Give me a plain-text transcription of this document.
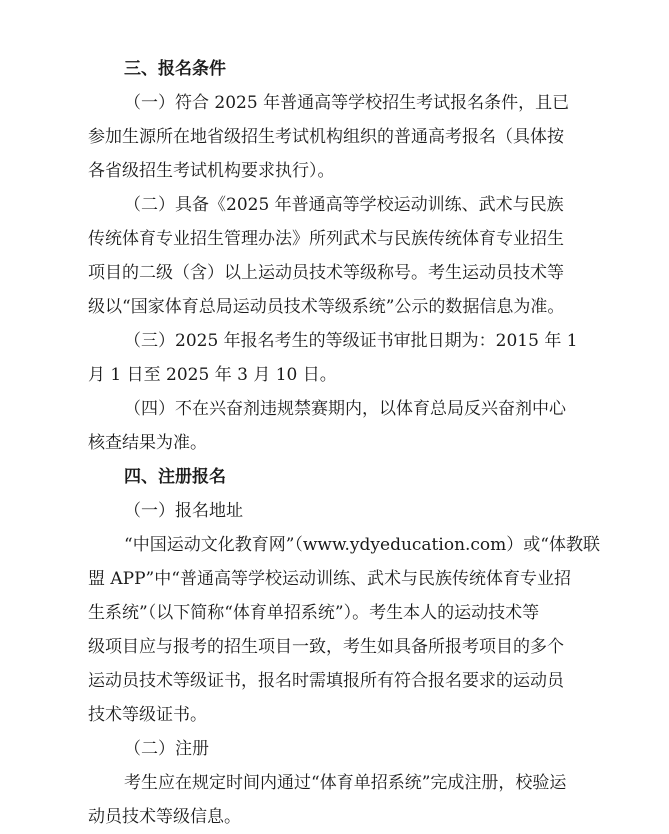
三、报名条件
（一）符合 2025 年普通高等学校招生考试报名条件，且已
参加生源所在地省级招生考试机构组织的普通高考报名（具体按
各省级招生考试机构要求执行）。
（二）具备《2025 年普通高等学校运动训练、武术与民族
传统体育专业招生管理办法》所列武术与民族传统体育专业招生
项目的二级（含）以上运动员技术等级称号。考生运动员技术等
级以“国家体育总局运动员技术等级系统”公示的数据信息为准。
（三）2025 年报名考生的等级证书审批日期为：2015 年 1
月 1 日至 2025 年 3 月 10 日。
（四）不在兴奋剂违规禁赛期内，以体育总局反兴奋剂中心
核查结果为准。
四、注册报名
（一）报名地址
“中国运动文化教育网”（www.ydyeducation.com）或“体教联
盟 APP”中“普通高等学校运动训练、武术与民族传统体育专业招
生系统”（以下简称“体育单招系统”）。考生本人的运动技术等
级项目应与报考的招生项目一致，考生如具备所报考项目的多个
运动员技术等级证书，报名时需填报所有符合报名要求的运动员
技术等级证书。
（二）注册
考生应在规定时间内通过“体育单招系统”完成注册，校验运
动员技术等级信息。
